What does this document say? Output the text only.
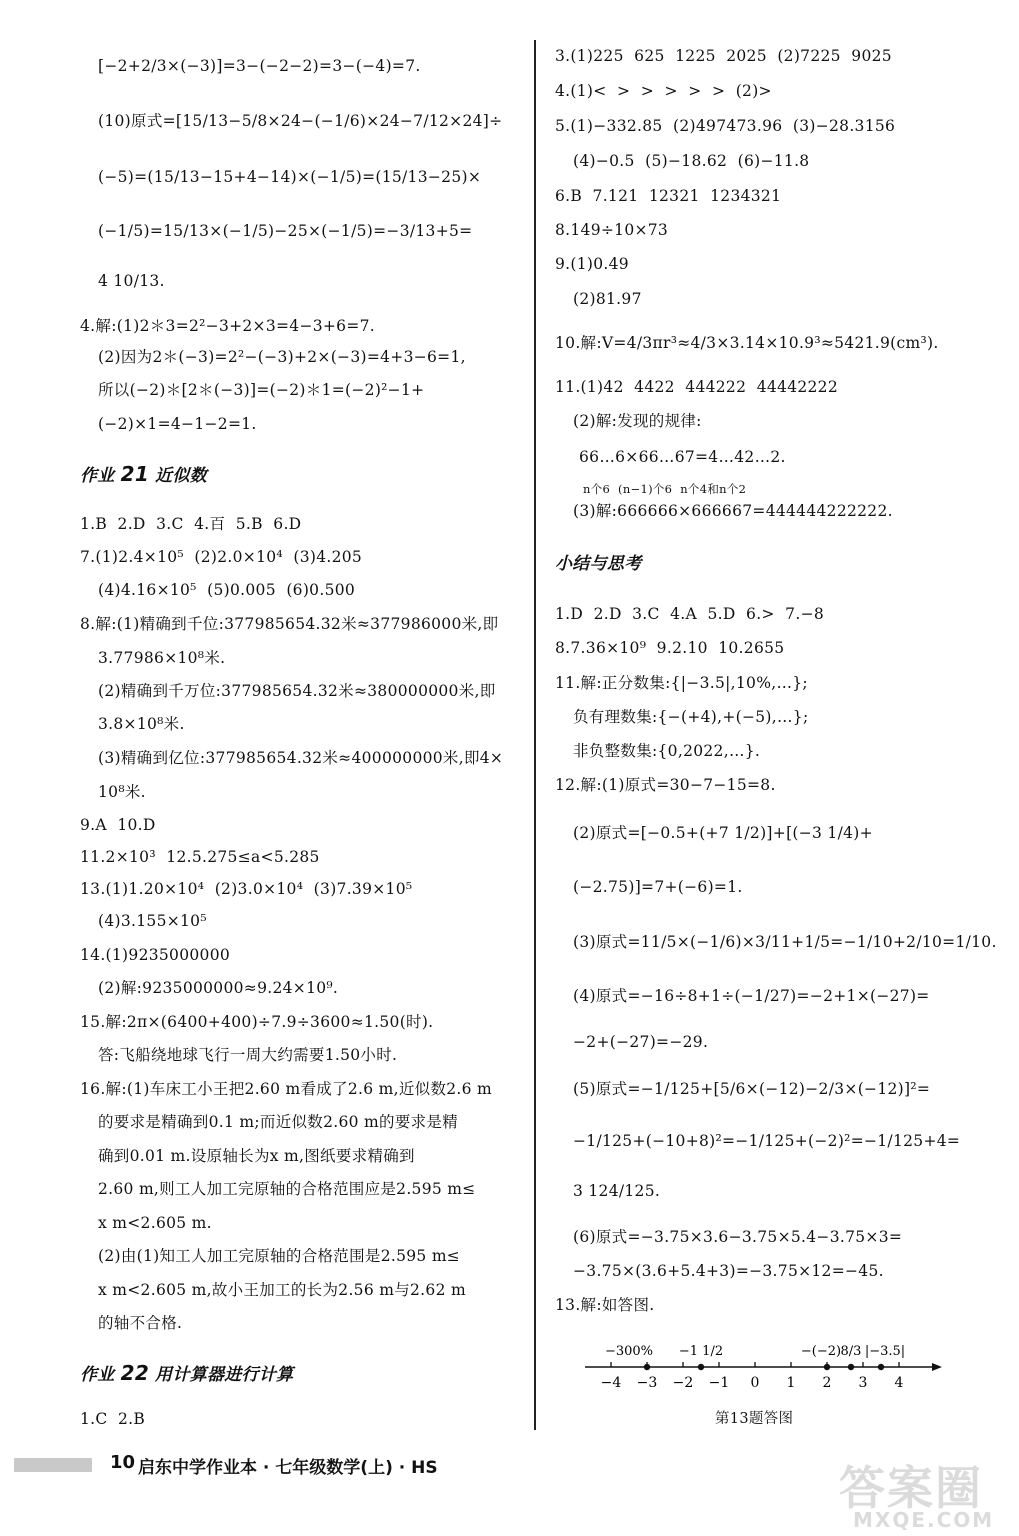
[−2+2/3×(−3)]=3−(−2−2)=3−(−4)=7.
(10)原式=[15/13−5/8×24−(−1/6)×24−7/12×24]÷
(−5)=(15/13−15+4−14)×(−1/5)=(15/13−25)×
(−1/5)=15/13×(−1/5)−25×(−1/5)=−3/13+5=
4 10/13.
4.解:(1)2＊3=2²−3+2×3=4−3+6=7.
(2)因为2＊(−3)=2²−(−3)+2×(−3)=4+3−6=1,
所以(−2)＊[2＊(−3)]=(−2)＊1=(−2)²−1+
(−2)×1=4−1−2=1.
作业 21 近似数
1.B  2.D  3.C  4.百  5.B  6.D
7.(1)2.4×10⁵  (2)2.0×10⁴  (3)4.205
(4)4.16×10⁵  (5)0.005  (6)0.500
8.解:(1)精确到千位:377985654.32米≈377986000米,即
3.77986×10⁸米.
(2)精确到千万位:377985654.32米≈380000000米,即
3.8×10⁸米.
(3)精确到亿位:377985654.32米≈400000000米,即4×
10⁸米.
9.A  10.D
11.2×10³  12.5.275≤a<5.285
13.(1)1.20×10⁴  (2)3.0×10⁴  (3)7.39×10⁵
(4)3.155×10⁵
14.(1)9235000000
(2)解:9235000000≈9.24×10⁹.
15.解:2π×(6400+400)÷7.9÷3600≈1.50(时).
答:飞船绕地球飞行一周大约需要1.50小时.
16.解:(1)车床工小王把2.60 m看成了2.6 m,近似数2.6 m
的要求是精确到0.1 m;而近似数2.60 m的要求是精
确到0.01 m.设原轴长为x m,图纸要求精确到
2.60 m,则工人加工完原轴的合格范围应是2.595 m≤
x m<2.605 m.
(2)由(1)知工人加工完原轴的合格范围是2.595 m≤
x m<2.605 m,故小王加工的长为2.56 m与2.62 m
的轴不合格.
作业 22 用计算器进行计算
1.C  2.B
3.(1)225  625  1225  2025  (2)7225  9025
4.(1)<  >  >  >  >  >  (2)>
5.(1)−332.85  (2)497473.96  (3)−28.3156
(4)−0.5  (5)−18.62  (6)−11.8
6.B  7.121  12321  1234321
8.149÷10×73
9.(1)0.49
(2)81.97
10.解:V=4/3πr³≈4/3×3.14×10.9³≈5421.9(cm³).
11.(1)42  4422  444222  44442222
(2)解:发现的规律:
66…6×66…67=4…42…2.
n个6  (n−1)个6  n个4和n个2
(3)解:666666×666667=444444222222.
小结与思考
1.D  2.D  3.C  4.A  5.D  6.>  7.−8
8.7.36×10⁹  9.2.10  10.2655
11.解:正分数集:{|−3.5|,10%,…};
负有理数集:{−(+4),+(−5),…};
非负整数集:{0,2022,…}.
12.解:(1)原式=30−7−15=8.
(2)原式=[−0.5+(+7 1/2)]+[(−3 1/4)+
(−2.75)]=7+(−6)=1.
(3)原式=11/5×(−1/6)×3/11+1/5=−1/10+2/10=1/10.
(4)原式=−16÷8+1÷(−1/27)=−2+1×(−27)=
−2+(−27)=−29.
(5)原式=−1/125+[5/6×(−12)−2/3×(−12)]²=
−1/125+(−10+8)²=−1/125+(−2)²=−1/125+4=
3 124/125.
(6)原式=−3.75×3.6−3.75×5.4−3.75×3=
−3.75×(3.6+5.4+3)=−3.75×12=−45.
13.解:如答图.
−4 −3 −2 −1 0 1 2 3 4
−300% −1 1/2	−(−2) 8/3 |−3.5|
第13题答图
10 启东中学作业本 · 七年级数学(上) · HS	答案圈
MXQE.COM
